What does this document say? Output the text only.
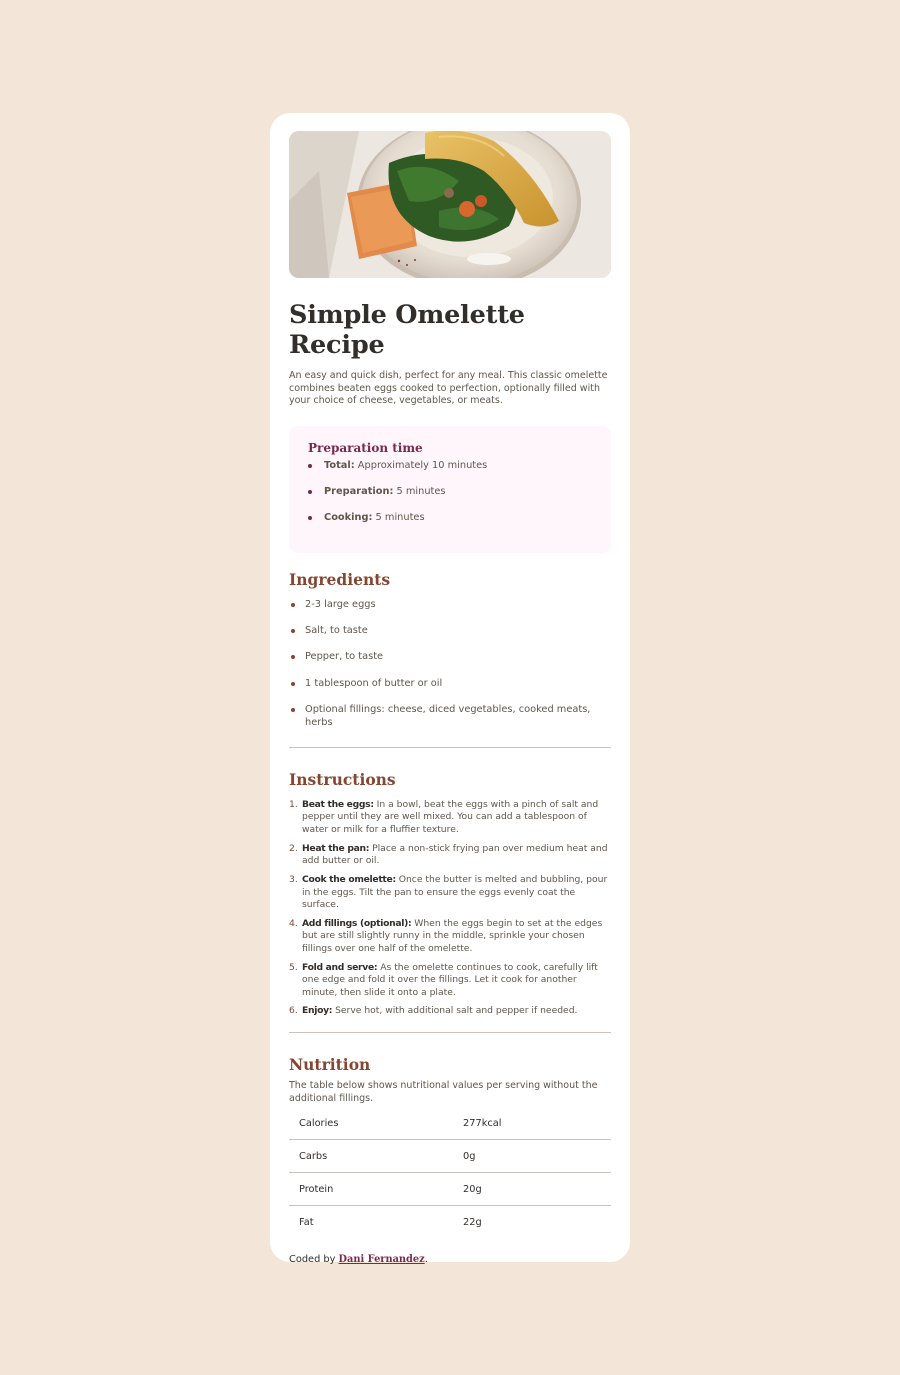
Simple Omelette Recipe

An easy and quick dish, perfect for any meal. This classic omelette combines beaten eggs cooked to perfection, optionally filled with your choice of cheese, vegetables, or meats.

Preparation time
Total: Approximately 10 minutes
Preparation: 5 minutes
Cooking: 5 minutes
Ingredients
2-3 large eggs
Salt, to taste
Pepper, to taste
1 tablespoon of butter or oil
Optional fillings: cheese, diced vegetables, cooked meats, herbs
Instructions
1. Beat the eggs: In a bowl, beat the eggs with a pinch of salt and pepper until they are well mixed. You can add a tablespoon of water or milk for a fluffier texture.
2. Heat the pan: Place a non-stick frying pan over medium heat and add butter or oil.
3. Cook the omelette: Once the butter is melted and bubbling, pour in the eggs. Tilt the pan to ensure the eggs evenly coat the surface.
4. Add fillings (optional): When the eggs begin to set at the edges but are still slightly runny in the middle, sprinkle your chosen fillings over one half of the omelette.
5. Fold and serve: As the omelette continues to cook, carefully lift one edge and fold it over the fillings. Let it cook for another minute, then slide it onto a plate.
6. Enjoy: Serve hot, with additional salt and pepper if needed.
Nutrition

The table below shows nutritional values per serving without the additional fillings.

Calories	277kcal
Carbs	0g
Protein	20g
Fat	22g
Coded by Dani Fernandez.
